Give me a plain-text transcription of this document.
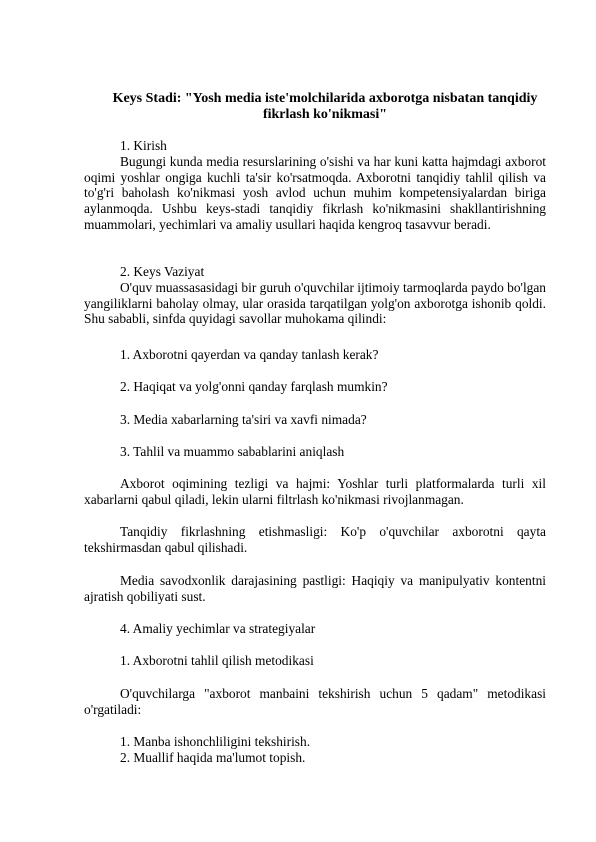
Keys Stadi: "Yosh media iste'molchilarida axborotga nisbatan tanqidiy fikrlash ko'nikmasi"
1. Kirish
Bugungi kunda media resurslarining o'sishi va har kuni katta hajmdagi axborot oqimi yoshlar ongiga kuchli ta'sir ko'rsatmoqda. Axborotni tanqidiy tahlil qilish va to'g'ri baholash ko'nikmasi yosh avlod uchun muhim kompetensiyalardan biriga aylanmoqda. Ushbu keys-stadi tanqidiy fikrlash ko'nikmasini shakllantirishning muammolari, yechimlari va amaliy usullari haqida kengroq tasavvur beradi.
2. Keys Vaziyat
O'quv muassasasidagi bir guruh o'quvchilar ijtimoiy tarmoqlarda paydo bo'lgan yangiliklarni baholay olmay, ular orasida tarqatilgan yolg'on axborotga ishonib qoldi. Shu sababli, sinfda quyidagi savollar muhokama qilindi:
1. Axborotni qayerdan va qanday tanlash kerak?
2. Haqiqat va yolg'onni qanday farqlash mumkin?
3. Media xabarlarning ta'siri va xavfi nimada?
3. Tahlil va muammo sabablarini aniqlash
Axborot oqimining tezligi va hajmi: Yoshlar turli platformalarda turli xil xabarlarni qabul qiladi, lekin ularni filtrlash ko'nikmasi rivojlanmagan.
Tanqidiy fikrlashning etishmasligi: Ko'p o'quvchilar axborotni qayta tekshirmasdan qabul qilishadi.
Media savodxonlik darajasining pastligi: Haqiqiy va manipulyativ kontentni ajratish qobiliyati sust.
4. Amaliy yechimlar va strategiyalar
1. Axborotni tahlil qilish metodikasi
O'quvchilarga "axborot manbaini tekshirish uchun 5 qadam" metodikasi o'rgatiladi:
1. Manba ishonchliligini tekshirish.
2. Muallif haqida ma'lumot topish.
